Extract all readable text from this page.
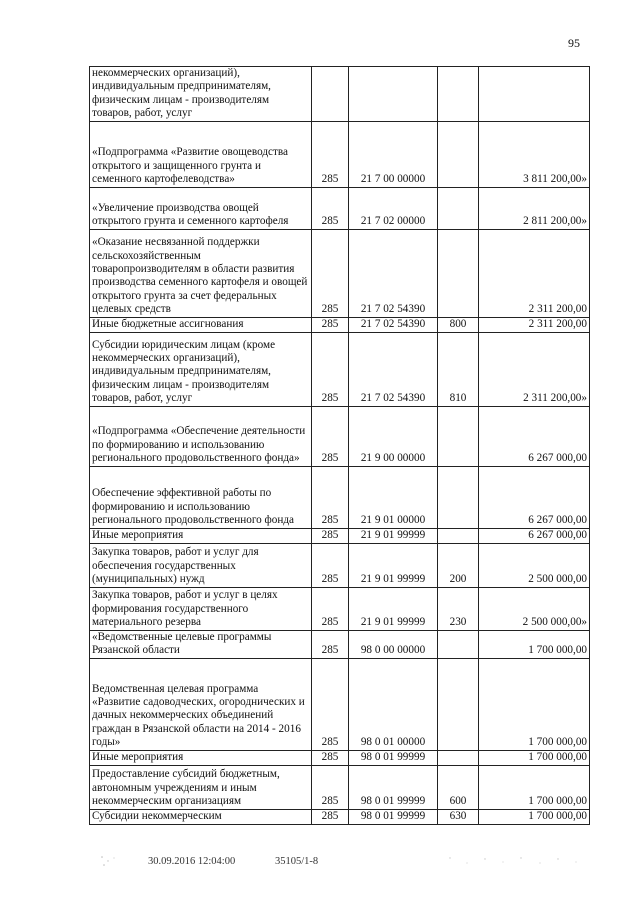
95
некоммерческих организаций), индивидуальным предпринимателям, физическим лицам - производителям товаров, работ, услуг				
«Подпрограмма «Развитие овощеводства открытого и защищенного грунта и семенного картофелеводства»	285	21 7 00 00000		3 811 200,00»
«Увеличение производства овощей открытого грунта и семенного картофеля	285	21 7 02 00000		2 811 200,00»
«Оказание несвязанной поддержки сельскохозяйственным товаропроизводителям в области развития производства семенного картофеля и овощей открытого грунта за счет федеральных целевых средств	285	21 7 02 54390		2 311 200,00
Иные бюджетные ассигнования	285	21 7 02 54390	800	2 311 200,00
Субсидии юридическим лицам (кроме некоммерческих организаций), индивидуальным предпринимателям, физическим лицам - производителям товаров, работ, услуг	285	21 7 02 54390	810	2 311 200,00»
«Подпрограмма «Обеспечение деятельности по формированию и использованию регионального продовольственного фонда»	285	21 9 00 00000		6 267 000,00
Обеспечение эффективной работы по формированию и использованию регионального продовольственного фонда	285	21 9 01 00000		6 267 000,00
Иные мероприятия	285	21 9 01 99999		6 267 000,00
Закупка товаров, работ и услуг для обеспечения государственных (муниципальных) нужд	285	21 9 01 99999	200	2 500 000,00
Закупка товаров, работ и услуг в целях формирования государственного материального резерва	285	21 9 01 99999	230	2 500 000,00»
«Ведомственные целевые программы Рязанской области	285	98 0 00 00000		1 700 000,00
Ведомственная целевая программа «Развитие садоводческих, огороднических и дачных некоммерческих объединений граждан в Рязанской области на 2014 - 2016 годы»	285	98 0 01 00000		1 700 000,00
Иные мероприятия	285	98 0 01 99999		1 700 000,00
Предоставление субсидий бюджетным, автономным учреждениям и иным некоммерческим организациям	285	98 0 01 99999	600	1 700 000,00
Субсидии некоммерческим	285	98 0 01 99999	630	1 700 000,00
30.09.2016 12:04:00	35105/1-8
